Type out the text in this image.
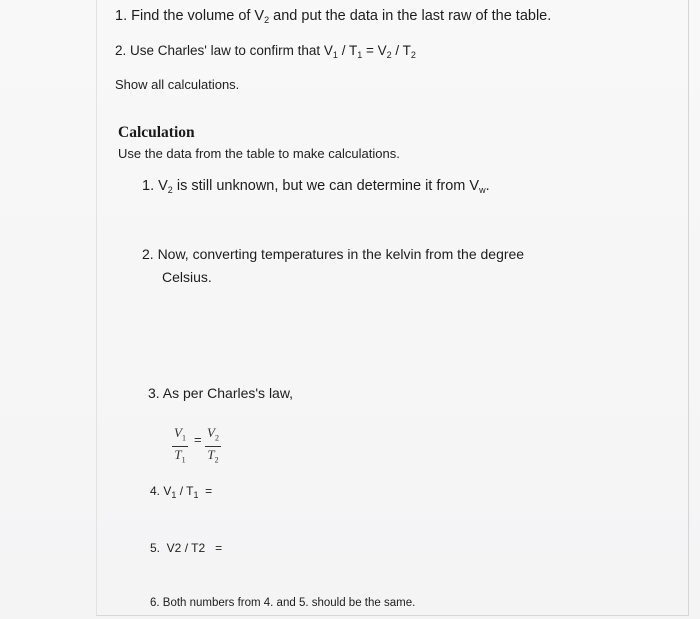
1. Find the volume of $V_2$ and put the data in the last raw of the table.
2. Use Charles' law to confirm that $V_1 / T_1 = V_2 / T_2$
Show all calculations.
Calculation
Use the data from the table to make calculations.
1. $V_2$ is still unknown, but we can determine it from $V_w$.
2. Now, converting temperatures in the kelvin from the degree
Celsius.
3. As per Charles's law,
$\frac{V_1}{T_1} = \frac{V_2}{T_2}$
4. $V_1 / T_1$  =
5.  V2 / T2   =
6. Both numbers from 4. and 5. should be the same.
